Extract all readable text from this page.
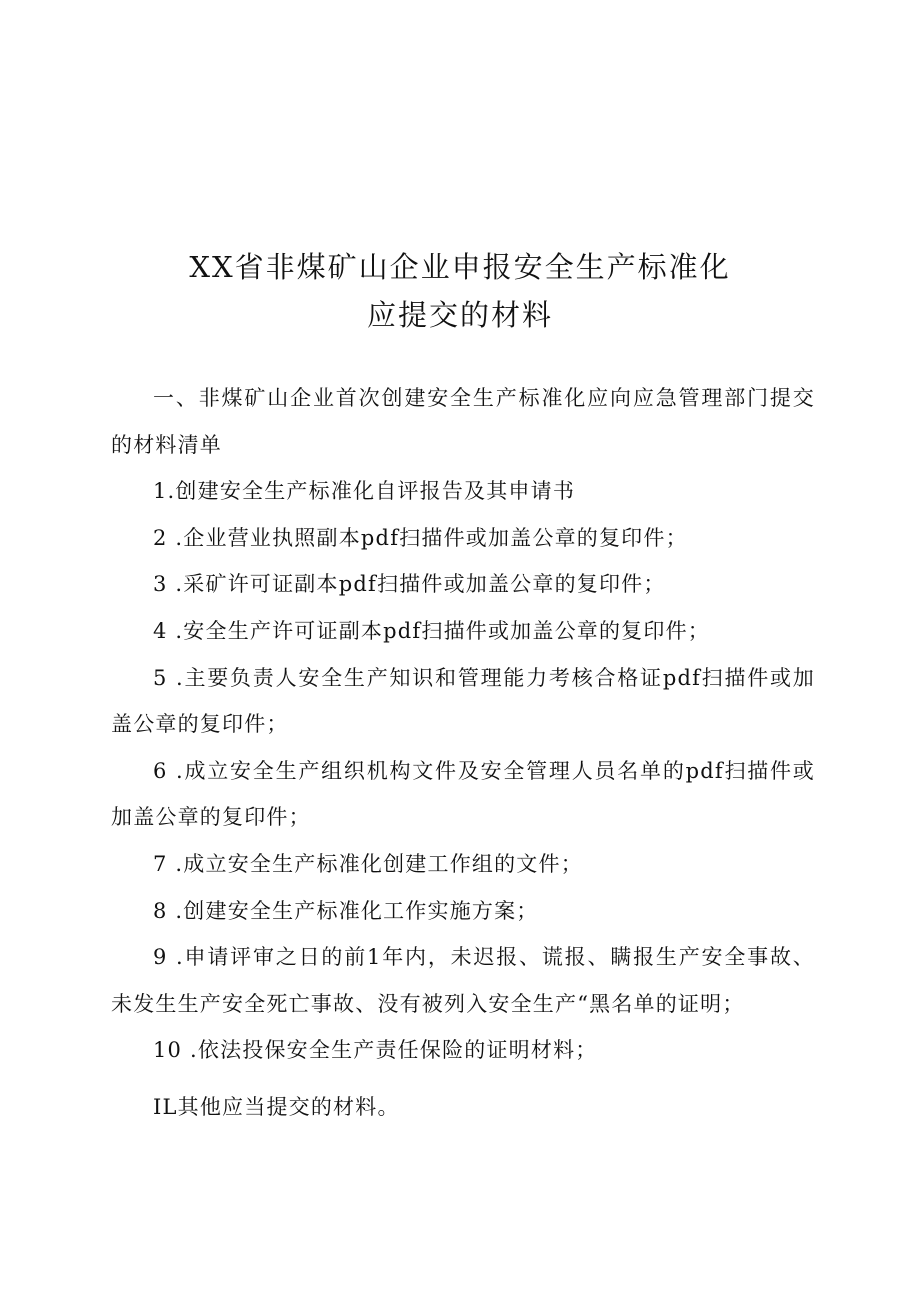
XX省非煤矿山企业申报安全生产标准化
应提交的材料

一、非煤矿山企业首次创建安全生产标准化应向应急管理部门提交的材料清单

1.创建安全生产标准化自评报告及其申请书

2 .企业营业执照副本pdf扫描件或加盖公章的复印件；

3 .采矿许可证副本pdf扫描件或加盖公章的复印件；

4 .安全生产许可证副本pdf扫描件或加盖公章的复印件；

5 .主要负责人安全生产知识和管理能力考核合格证pdf扫描件或加盖公章的复印件；

6 .成立安全生产组织机构文件及安全管理人员名单的pdf扫描件或加盖公章的复印件；

7 .成立安全生产标准化创建工作组的文件；

8 .创建安全生产标准化工作实施方案；

9 .申请评审之日的前1年内，未迟报、谎报、瞒报生产安全事故、未发生生产安全死亡事故、没有被列入安全生产“黑名单的证明；

10 .依法投保安全生产责任保险的证明材料；

IL其他应当提交的材料。
